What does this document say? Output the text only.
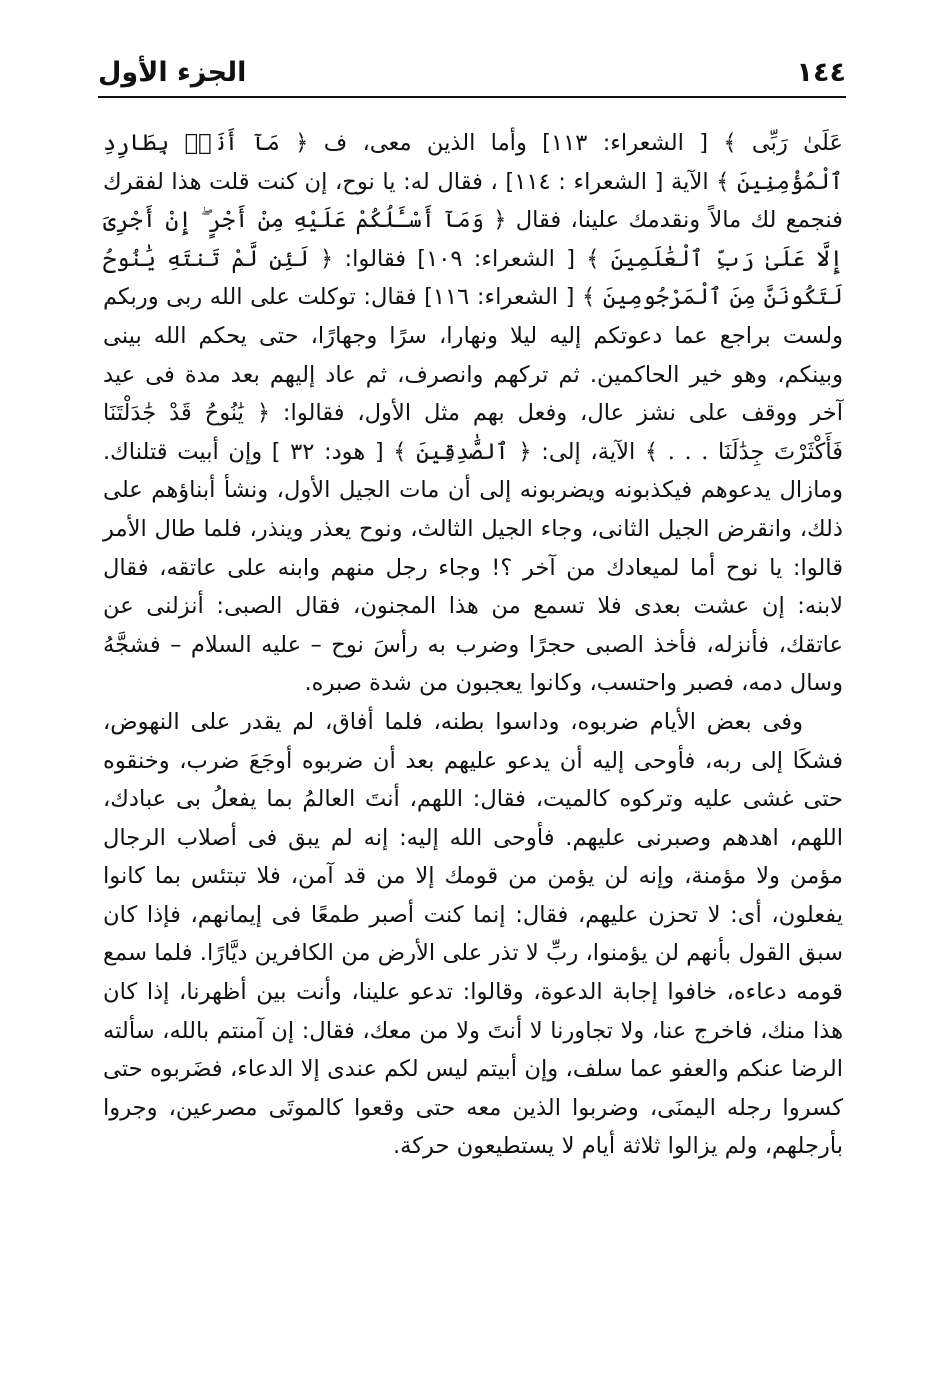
١٤٤
الجزء الأول

عَلَىٰ رَبِّى ﴾ [ الشعراء: ١١٣] وأما الذين معى، ف ﴿ مَآ أَنَا۠ بِطَارِدِ ٱلْمُؤْمِنِينَ ﴾ الآية [ الشعراء : ١١٤] ، فقال له: يا نوح، إن كنت قلت هذا لفقرك فنجمع لك مالاً ونقدمك علينا، فقال ﴿ وَمَآ أَسْـَٔلُكُمْ عَلَيْهِ مِنْ أَجْرٍ ۖ إِنْ أَجْرِىَ إِلَّا عَلَىٰ رَبِّ ٱلْعَٰلَمِينَ ﴾ [ الشعراء: ١٠٩] فقالوا: ﴿ لَئِن لَّمْ تَنتَهِ يَٰنُوحُ لَتَكُونَنَّ مِنَ ٱلْمَرْجُومِينَ ﴾ [ الشعراء: ١١٦] فقال: توكلت على الله ربى وربكم ولست براجع عما دعوتكم إليه ليلا ونهارا، سرًا وجهارًا، حتى يحكم الله بينى وبينكم، وهو خير الحاكمين. ثم تركهم وانصرف، ثم عاد إليهم بعد مدة فى عيد آخر ووقف على نشز عال، وفعل بهم مثل الأول، فقالوا: ﴿ يَٰنُوحُ قَدْ جَٰدَلْتَنَا فَأَكْثَرْتَ جِدَٰلَنَا . . . ﴾ الآية، إلى: ﴿ ٱلصَّٰدِقِينَ ﴾ [ هود: ٣٢ ] وإن أبيت قتلناك. ومازال يدعوهم فيكذبونه ويضربونه إلى أن مات الجيل الأول، ونشأ أبناؤهم على ذلك، وانقرض الجيل الثانى، وجاء الجيل الثالث، ونوح يعذر وينذر، فلما طال الأمر قالوا: يا نوح أما لميعادك من آخر ؟! وجاء رجل منهم وابنه على عاتقه، فقال لابنه: إن عشت بعدى فلا تسمع من هذا المجنون، فقال الصبى: أنزلنى عن عاتقك، فأنزله، فأخذ الصبى حجرًا وضرب به رأسَ نوح – عليه السلام – فشجَّهُ وسال دمه، فصبر واحتسب، وكانوا يعجبون من شدة صبره.

وفى بعض الأيام ضربوه، وداسوا بطنه، فلما أفاق، لم يقدر على النهوض، فشكَا إلى ربه، فأوحى إليه أن يدعو عليهم بعد أن ضربوه أوجَعَ ضرب، وخنقوه حتى غشى عليه وتركوه كالميت، فقال: اللهم، أنتَ العالمُ بما يفعلُ بى عبادك، اللهم، اهدهم وصبرنى عليهم. فأوحى الله إليه: إنه لم يبق فى أصلاب الرجال مؤمن ولا مؤمنة، وإنه لن يؤمن من قومك إلا من قد آمن، فلا تبتئس بما كانوا يفعلون، أى: لا تحزن عليهم، فقال: إنما كنت أصبر طمعًا فى إيمانهم، فإذا كان سبق القول بأنهم لن يؤمنوا، ربِّ لا تذر على الأرض من الكافرين ديَّارًا. فلما سمع قومه دعاءه، خافوا إجابة الدعوة، وقالوا: تدعو علينا، وأنت بين أظهرنا، إذا كان هذا منك، فاخرج عنا، ولا تجاورنا لا أنتَ ولا من معك، فقال: إن آمنتم بالله، سألته الرضا عنكم والعفو عما سلف، وإن أبيتم ليس لكم عندى إلا الدعاء، فضَربوه حتى كسروا رجله اليمنَى، وضربوا الذين معه حتى وقعوا كالموتَى مصرعين، وجروا بأرجلهم، ولم يزالوا ثلاثة أيام لا يستطيعون حركة.
